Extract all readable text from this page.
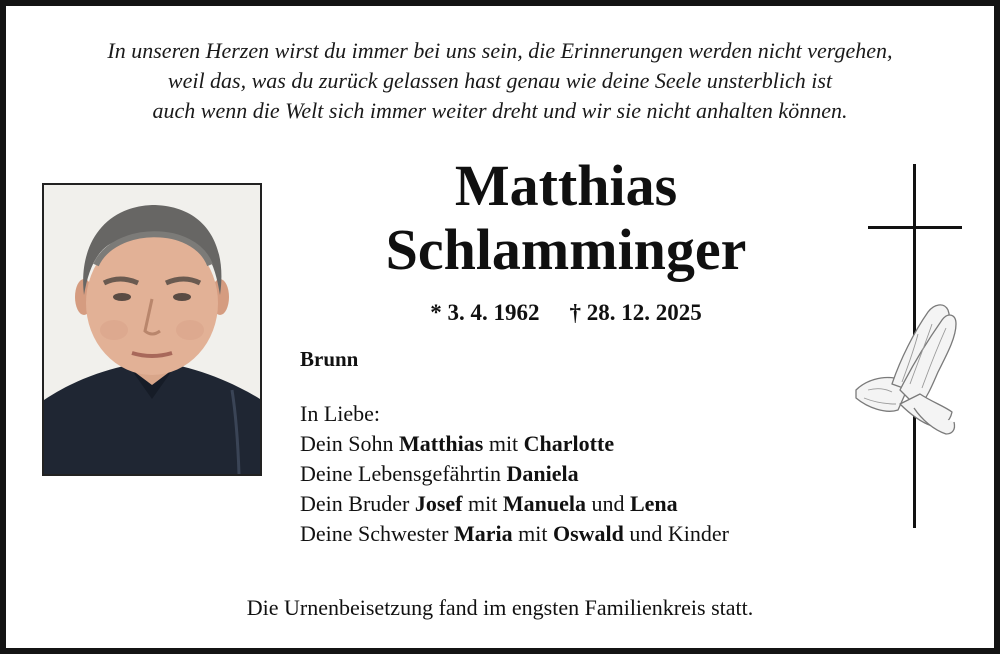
In unseren Herzen wirst du immer bei uns sein, die Erinnerungen werden nicht vergehen,
weil das, was du zurück gelassen hast genau wie deine Seele unsterblich ist
auch wenn die Welt sich immer weiter dreht und wir sie nicht anhalten können.
Matthias
Schlamminger
* 3. 4. 1962 † 28. 12. 2025
Brunn
In Liebe:
Dein Sohn Matthias mit Charlotte
Deine Lebensgefährtin Daniela
Dein Bruder Josef mit Manuela und Lena
Deine Schwester Maria mit Oswald und Kinder
Die Urnenbeisetzung fand im engsten Familienkreis statt.
